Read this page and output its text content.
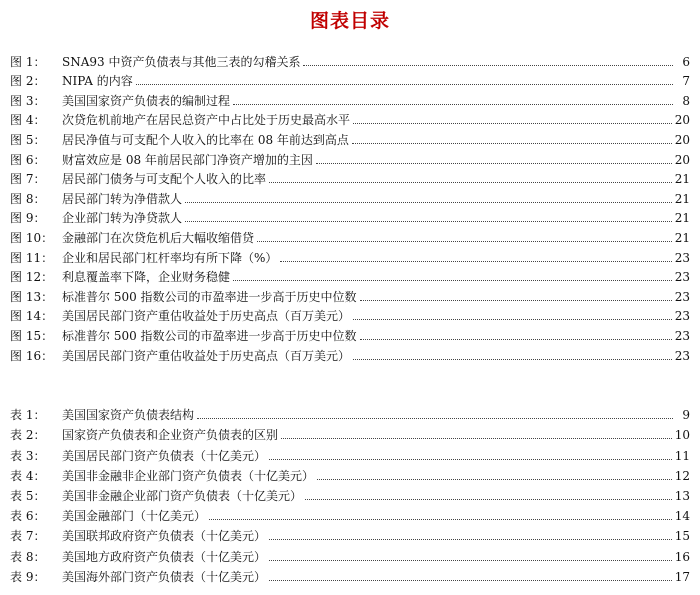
图表目录
图 1：	SNA93 中资产负债表与其他三表的勾稽关系	6
图 2：	NIPA 的内容	7
图 3：	美国国家资产负债表的编制过程	8
图 4：	次贷危机前地产在居民总资产中占比处于历史最高水平	20
图 5：	居民净值与可支配个人收入的比率在 08 年前达到高点	20
图 6：	财富效应是 08 年前居民部门净资产增加的主因	20
图 7：	居民部门债务与可支配个人收入的比率	21
图 8：	居民部门转为净借款人	21
图 9：	企业部门转为净贷款人	21
图 10： 金融部门在次贷危机后大幅收缩借贷	21
图 11： 企业和居民部门杠杆率均有所下降（%）	23
图 12： 利息覆盖率下降，企业财务稳健	23
图 13： 标准普尔 500 指数公司的市盈率进一步高于历史中位数	23
图 14： 美国居民部门资产重估收益处于历史高点（百万美元）	23
图 15： 标准普尔 500 指数公司的市盈率进一步高于历史中位数	23
图 16： 美国居民部门资产重估收益处于历史高点（百万美元）	23
表 1：	美国国家资产负债表结构	9
表 2：	国家资产负债表和企业资产负债表的区别	10
表 3：	美国居民部门资产负债表（十亿美元）	11
表 4：	美国非金融非企业部门资产负债表（十亿美元）	12
表 5：	美国非金融企业部门资产负债表（十亿美元）	13
表 6：	美国金融部门（十亿美元）	14
表 7：	美国联邦政府资产负债表（十亿美元）	15
表 8：	美国地方政府资产负债表（十亿美元）	16
表 9：	美国海外部门资产负债表（十亿美元）	17
